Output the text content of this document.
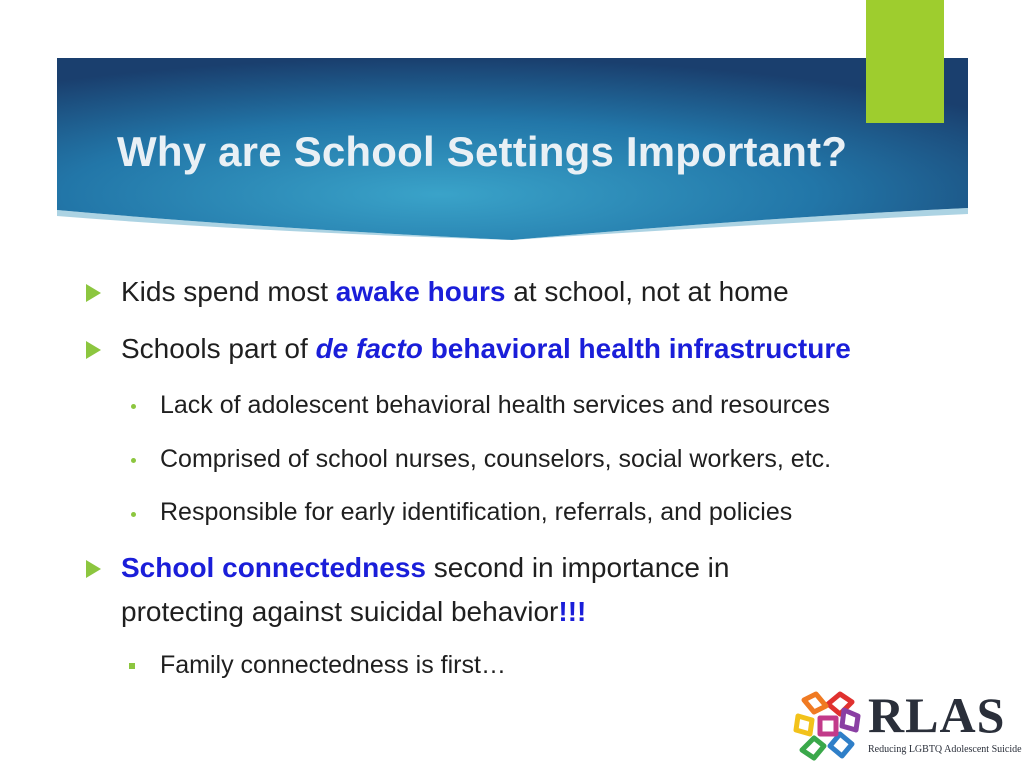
Why are School Settings Important?
Kids spend most awake hours at school, not at home
Schools part of de facto behavioral health infrastructure
Lack of adolescent behavioral health services and resources
Comprised of school nurses, counselors, social workers, etc.
Responsible for early identification, referrals, and policies
School connectedness second in importance in
protecting against suicidal behavior!!!
Family connectedness is first…
RLAS
Reducing LGBTQ Adolescent Suicide
